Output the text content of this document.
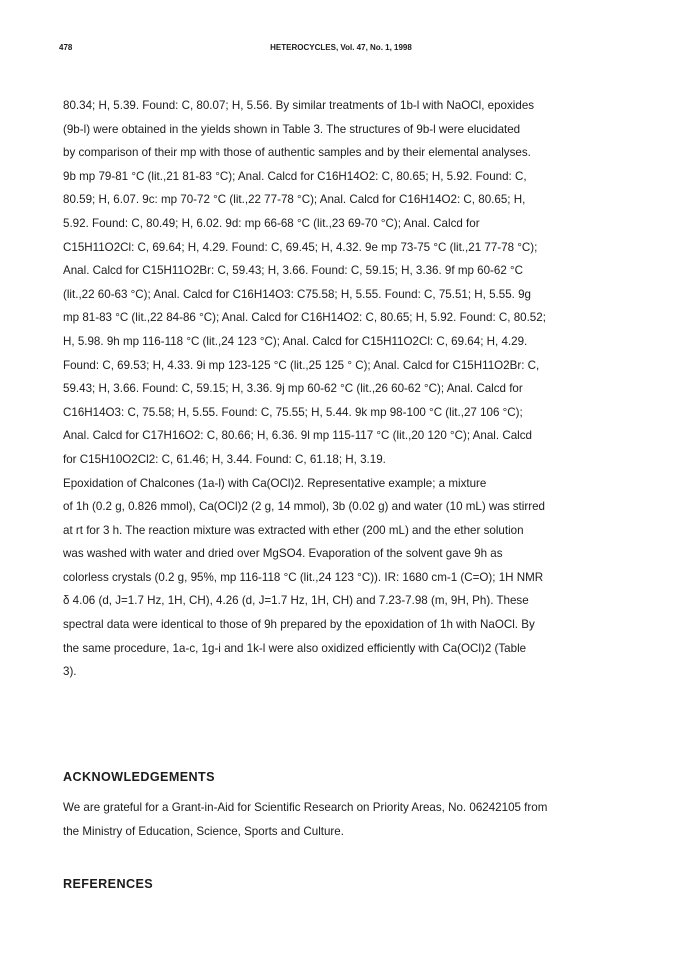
478	HETEROCYCLES, Vol. 47, No. 1, 1998
80.34; H, 5.39. Found: C, 80.07; H, 5.56. By similar treatments of 1b-l with NaOCl, epoxides
(9b-l) were obtained in the yields shown in Table 3. The structures of 9b-l were elucidated
by comparison of their mp with those of authentic samples and by their elemental analyses.
9b mp 79-81 °C (lit.,21 81-83 °C); Anal. Calcd for C16H14O2: C, 80.65; H, 5.92. Found: C,
80.59; H, 6.07. 9c: mp 70-72 °C (lit.,22 77-78 °C); Anal. Calcd for C16H14O2: C, 80.65; H,
5.92. Found: C, 80.49; H, 6.02. 9d: mp 66-68 °C (lit.,23 69-70 °C); Anal. Calcd for
C15H11O2Cl: C, 69.64; H, 4.29. Found: C, 69.45; H, 4.32. 9e mp 73-75 °C (lit.,21 77-78 °C);
Anal. Calcd for C15H11O2Br: C, 59.43; H, 3.66. Found: C, 59.15; H, 3.36. 9f mp 60-62 °C
(lit.,22 60-63 °C); Anal. Calcd for C16H14O3: C75.58; H, 5.55. Found: C, 75.51; H, 5.55. 9g
mp 81-83 °C (lit.,22 84-86 °C); Anal. Calcd for C16H14O2: C, 80.65; H, 5.92. Found: C, 80.52;
H, 5.98. 9h mp 116-118 °C (lit.,24 123 °C); Anal. Calcd for C15H11O2Cl: C, 69.64; H, 4.29.
Found: C, 69.53; H, 4.33. 9i mp 123-125 °C (lit.,25 125 ° C); Anal. Calcd for C15H11O2Br: C,
59.43; H, 3.66. Found: C, 59.15; H, 3.36. 9j mp 60-62 °C (lit.,26 60-62 °C); Anal. Calcd for
C16H14O3: C, 75.58; H, 5.55. Found: C, 75.55; H, 5.44. 9k mp 98-100 °C (lit.,27 106 °C);
Anal. Calcd for C17H16O2: C, 80.66; H, 6.36. 9l mp 115-117 °C (lit.,20 120 °C); Anal. Calcd
for C15H10O2Cl2: C, 61.46; H, 3.44. Found: C, 61.18; H, 3.19.
Epoxidation of Chalcones (1a-l) with Ca(OCl)2. Representative example; a mixture
of 1h (0.2 g, 0.826 mmol), Ca(OCl)2 (2 g, 14 mmol), 3b (0.02 g) and water (10 mL) was stirred
at rt for 3 h. The reaction mixture was extracted with ether (200 mL) and the ether solution
was washed with water and dried over MgSO4. Evaporation of the solvent gave 9h as
colorless crystals (0.2 g, 95%, mp 116-118 °C (lit.,24 123 °C)). IR: 1680 cm-1 (C=O); 1H NMR
δ 4.06 (d, J=1.7 Hz, 1H, CH), 4.26 (d, J=1.7 Hz, 1H, CH) and 7.23-7.98 (m, 9H, Ph). These
spectral data were identical to those of 9h prepared by the epoxidation of 1h with NaOCl. By
the same procedure, 1a-c, 1g-i and 1k-l were also oxidized efficiently with Ca(OCl)2 (Table
3).
ACKNOWLEDGEMENTS
We are grateful for a Grant-in-Aid for Scientific Research on Priority Areas, No. 06242105 from
the Ministry of Education, Science, Sports and Culture.
REFERENCES
